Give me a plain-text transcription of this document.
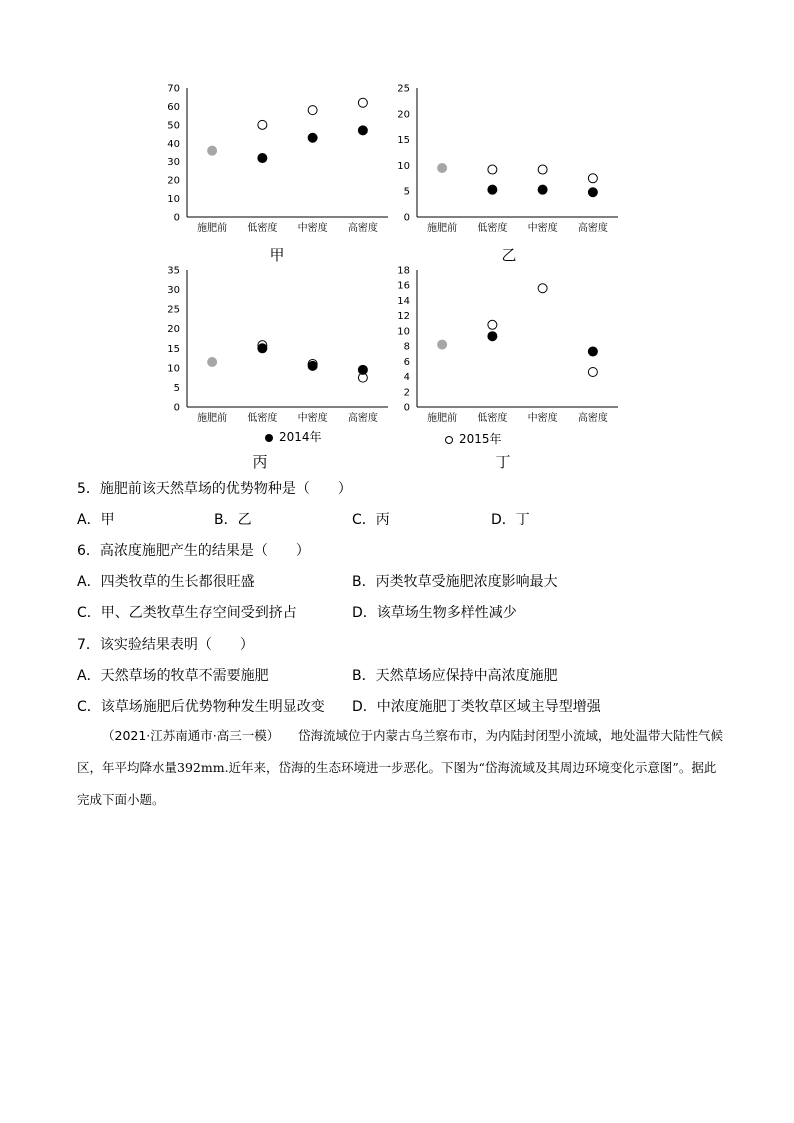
0
10
20
30
40
50
60
70
施肥前 低密度 中密度 高密度
0
5
10
15
20
25
施肥前 低密度 中密度 高密度
0
5
10
15
20
25
30
35
施肥前 低密度 中密度 高密度
0
2
4
6
8
10
12
14
16
18
施肥前 低密度 中密度 高密度
甲	乙
丙	丁
2014年	2015年
5．施肥前该天然草场的优势物种是（　　）
A．甲	B．乙	C．丙	D．丁
6．高浓度施肥产生的结果是（　　）
A．四类牧草的生长都很旺盛	B．丙类牧草受施肥浓度影响最大
C．甲、乙类牧草生存空间受到挤占	D．该草场生物多样性减少
7．该实验结果表明（　　）
A．天然草场的牧草不需要施肥	B．天然草场应保持中高浓度施肥
C．该草场施肥后优势物种发生明显改变 D．中浓度施肥丁类牧草区域主导型增强
（2021·江苏南通市·高三一模）　　 岱海流域位于内蒙古乌兰察布市，为内陆封闭型小流域，地处温带大陆性气候区，年平均降水量392mm.近年来，岱海的生态环境进一步恶化。下图为“岱海流域及其周边环境变化示意图”。据此完成下面小题。
